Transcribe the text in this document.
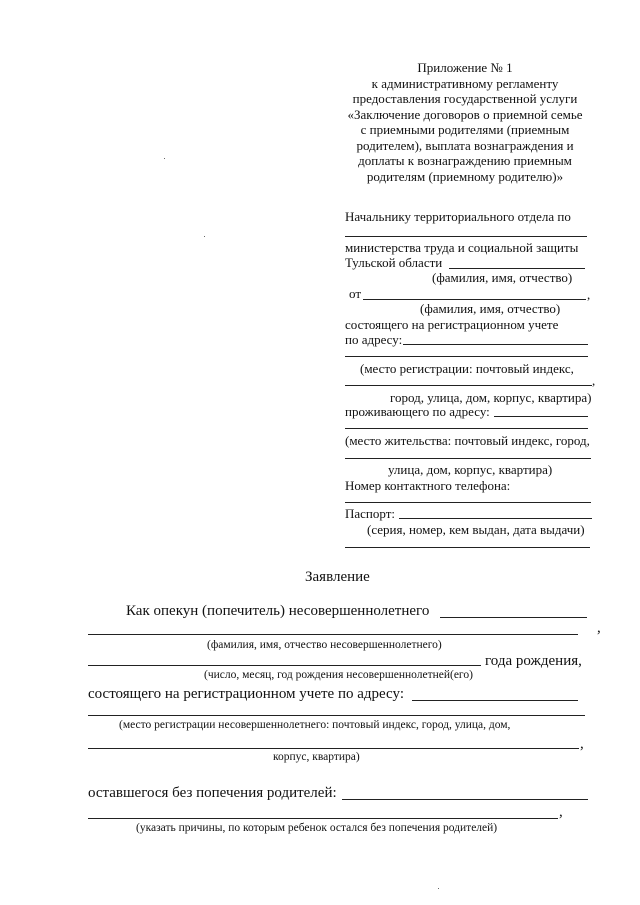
Приложение № 1
к административному регламенту
предоставления государственной услуги
«Заключение договоров о приемной семье
с приемными родителями (приемным
родителем), выплата вознаграждения и
доплаты к вознаграждению приемным
родителям (приемному родителю)»
Начальнику территориального отдела по
министерства труда и социальной защиты
Тульской области
(фамилия, имя, отчество)
от	,
(фамилия, имя, отчество)
состоящего на регистрационном учете
по адресу:
(место регистрации: почтовый индекс,
,
город, улица, дом, корпус, квартира)
проживающего по адресу:
(место жительства: почтовый индекс, город,
улица, дом, корпус, квартира)
Номер контактного телефона:
Паспорт:
(серия, номер, кем выдан, дата выдачи)
Заявление
Как опекун (попечитель) несовершеннолетнего
,
(фамилия, имя, отчество несовершеннолетнего)
года рождения,
(число, месяц, год рождения несовершеннолетней(его)
состоящего на регистрационном учете по адресу:
(место регистрации несовершеннолетнего: почтовый индекс, город, улица, дом,
,
корпус, квартира)
оставшегося без попечения родителей:
,
(указать причины, по которым ребенок остался без попечения родителей)
